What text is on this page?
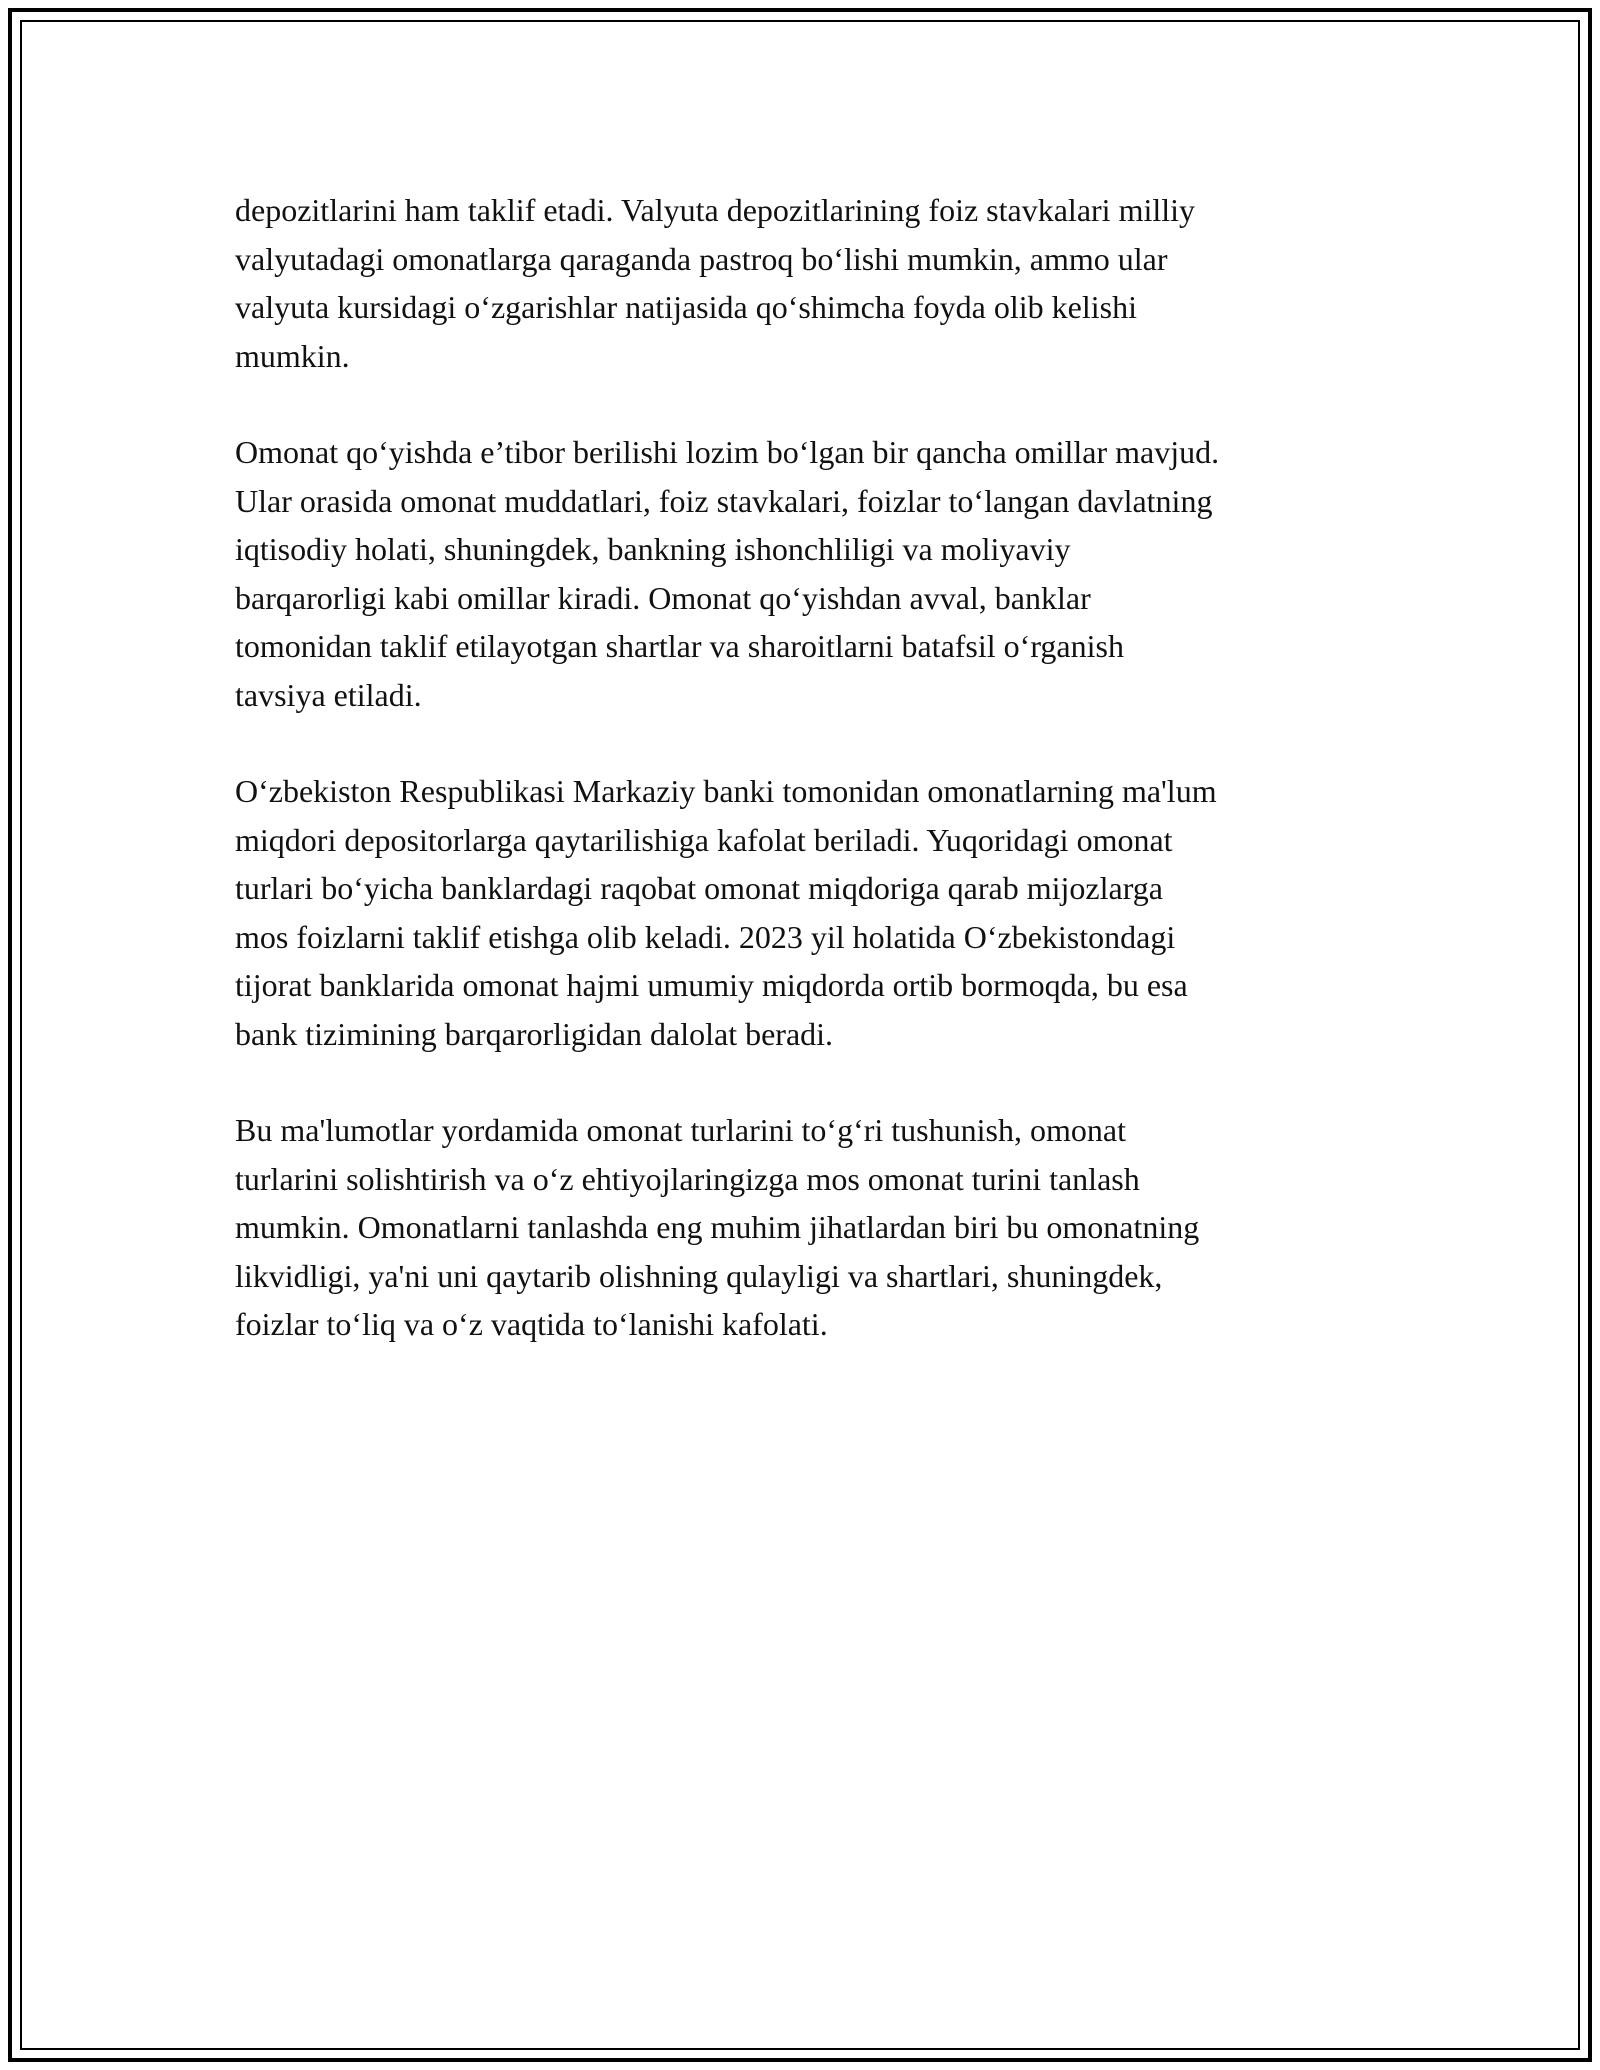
depozitlarini ham taklif etadi. Valyuta depozitlarining foiz stavkalari milliy
valyutadagi omonatlarga qaraganda pastroq bo‘lishi mumkin, ammo ular
valyuta kursidagi o‘zgarishlar natijasida qo‘shimcha foyda olib kelishi
mumkin.

Omonat qo‘yishda e’tibor berilishi lozim bo‘lgan bir qancha omillar mavjud.
Ular orasida omonat muddatlari, foiz stavkalari, foizlar to‘langan davlatning
iqtisodiy holati, shuningdek, bankning ishonchliligi va moliyaviy
barqarorligi kabi omillar kiradi. Omonat qo‘yishdan avval, banklar
tomonidan taklif etilayotgan shartlar va sharoitlarni batafsil o‘rganish
tavsiya etiladi.

O‘zbekiston Respublikasi Markaziy banki tomonidan omonatlarning ma'lum
miqdori depositorlarga qaytarilishiga kafolat beriladi. Yuqoridagi omonat
turlari bo‘yicha banklardagi raqobat omonat miqdoriga qarab mijozlarga
mos foizlarni taklif etishga olib keladi. 2023 yil holatida O‘zbekistondagi
tijorat banklarida omonat hajmi umumiy miqdorda ortib bormoqda, bu esa
bank tizimining barqarorligidan dalolat beradi.

Bu ma'lumotlar yordamida omonat turlarini to‘g‘ri tushunish, omonat
turlarini solishtirish va o‘z ehtiyojlaringizga mos omonat turini tanlash
mumkin. Omonatlarni tanlashda eng muhim jihatlardan biri bu omonatning
likvidligi, ya'ni uni qaytarib olishning qulayligi va shartlari, shuningdek,
foizlar to‘liq va o‘z vaqtida to‘lanishi kafolati.
